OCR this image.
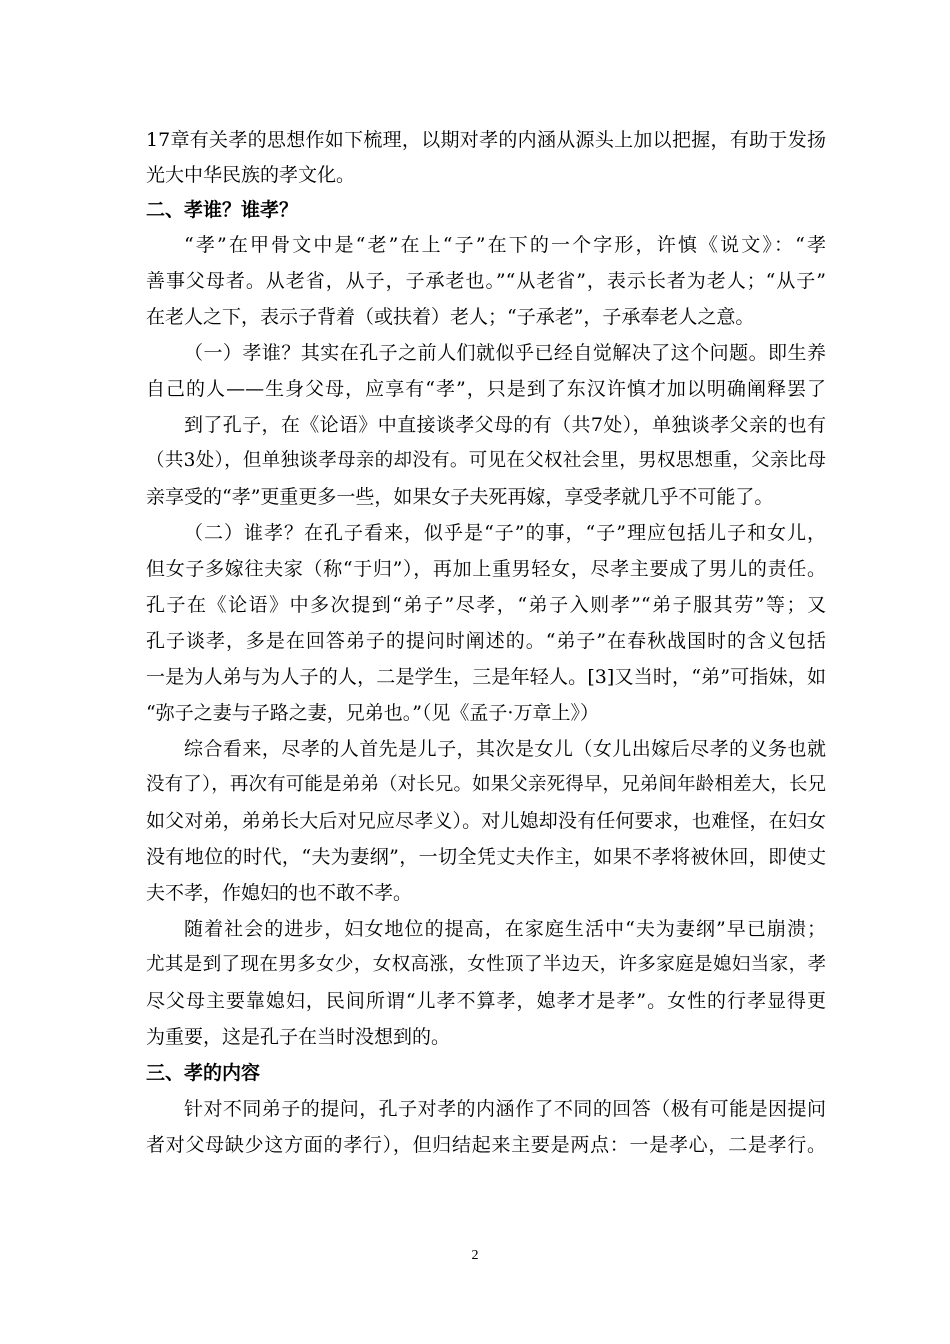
17章有关孝的思想作如下梳理，以期对孝的内涵从源头上加以把握，有助于发扬
光大中华民族的孝文化。
二、孝谁？谁孝？
“孝”在甲骨文中是“老”在上“子”在下的一个字形，许慎《说文》：“孝
善事父母者。从老省，从子，子承老也。”“从老省”，表示长者为老人；“从子”
在老人之下，表示子背着（或扶着）老人；“子承老”，子承奉老人之意。
（一）孝谁？其实在孔子之前人们就似乎已经自觉解决了这个问题。即生养
自己的人——生身父母，应享有“孝”，只是到了东汉许慎才加以明确阐释罢了
到了孔子，在《论语》中直接谈孝父母的有（共7处），单独谈孝父亲的也有
（共3处），但单独谈孝母亲的却没有。可见在父权社会里，男权思想重，父亲比母
亲享受的“孝”更重更多一些，如果女子夫死再嫁，享受孝就几乎不可能了。
（二）谁孝？在孔子看来，似乎是“子”的事，“子”理应包括儿子和女儿，
但女子多嫁往夫家（称“于归”），再加上重男轻女，尽孝主要成了男儿的责任。
孔子在《论语》中多次提到“弟子”尽孝，“弟子入则孝”“弟子服其劳”等；又
孔子谈孝，多是在回答弟子的提问时阐述的。“弟子”在春秋战国时的含义包括
一是为人弟与为人子的人，二是学生，三是年轻人。[3]又当时，“弟”可指妹，如
“弥子之妻与子路之妻，兄弟也。”（见《孟子·万章上》）
综合看来，尽孝的人首先是儿子，其次是女儿（女儿出嫁后尽孝的义务也就
没有了），再次有可能是弟弟（对长兄。如果父亲死得早，兄弟间年龄相差大，长兄
如父对弟，弟弟长大后对兄应尽孝义）。对儿媳却没有任何要求，也难怪，在妇女
没有地位的时代，“夫为妻纲”，一切全凭丈夫作主，如果不孝将被休回，即使丈
夫不孝，作媳妇的也不敢不孝。
随着社会的进步，妇女地位的提高，在家庭生活中“夫为妻纲”早已崩溃；
尤其是到了现在男多女少，女权高涨，女性顶了半边天，许多家庭是媳妇当家，孝
尽父母主要靠媳妇，民间所谓“儿孝不算孝，媳孝才是孝”。女性的行孝显得更
为重要，这是孔子在当时没想到的。
三、孝的内容
针对不同弟子的提问，孔子对孝的内涵作了不同的回答（极有可能是因提问
者对父母缺少这方面的孝行），但归结起来主要是两点：一是孝心，二是孝行。
2
